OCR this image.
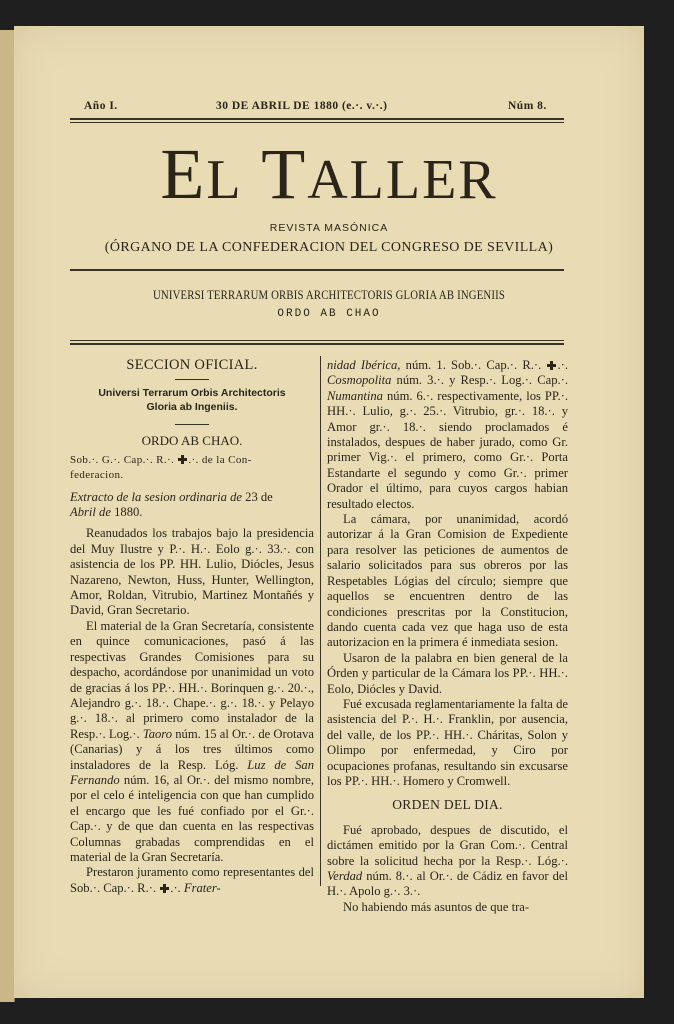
Año I.	30 DE ABRIL DE 1880 (e.·. v.·.)	Núm 8.
EL TALLER
REVISTA MASÓNICA
(ÓRGANO DE LA CONFEDERACION DEL CONGRESO DE SEVILLA)
UNIVERSI TERRARUM ORBIS ARCHITECTORIS GLORIA AB INGENIIS
ORDO AB CHAO
SECCION OFICIAL.
Universi Terrarum Orbis Architectoris
Gloria ab Ingeniis.
ORDO AB CHAO.

Sob.·. G.·. Cap.·. R.·. .·. de la Con-

federacion.

Extracto de la sesion ordinaria de 23 de
Abril de 1880.

Reanudados los trabajos bajo la presidencia del Muy Ilustre y P.·. H.·. Eolo g.·. 33.·. con asistencia de los PP. HH. Lulio, Diócles, Jesus Nazareno, Newton, Huss, Hunter, Wellington, Amor, Roldan, Vitrubio, Martinez Montañés y David, Gran Secretario.

El material de la Gran Secretaría, consistente en quince comunicaciones, pasó á las respectivas Grandes Comisiones para su despacho, acordándose por unanimidad un voto de gracias á los PP.·. HH.·. Borinquen g.·. 20.·., Alejandro g.·. 18.·. Chape.·. g.·. 18.·. y Pelayo g.·. 18.·. al primero como instalador de la Resp.·. Log.·. Taoro núm. 15 al Or.·. de Orotava (Canarias) y á los tres últimos como instaladores de la Resp. Lóg. Luz de San Fernando núm. 16, al Or.·. del mismo nombre, por el celo é inteligencia con que han cumplido el encargo que les fué confiado por el Gr.·. Cap.·. y de que dan cuenta en las respectivas Columnas grabadas comprendidas en el material de la Gran Secretaría.

Prestaron juramento como representantes del Sob.·. Cap.·. R.·. .·. Frater-

nidad Ibérica, núm. 1. Sob.·. Cap.·. R.·. .·. Cosmopolita núm. 3.·. y Resp.·. Log.·. Cap.·. Numantina núm. 6.·. respectivamente, los PP.·. HH.·. Lulio, g.·. 25.·. Vitrubio, gr.·. 18.·. y Amor gr.·. 18.·. siendo proclamados é instalados, despues de haber jurado, como Gr. primer Vig.·. el primero, como Gr.·. Porta Estandarte el segundo y como Gr.·. primer Orador el último, para cuyos cargos habian resultado electos.

La cámara, por unanimidad, acordó autorizar á la Gran Comision de Expediente para resolver las peticiones de aumentos de salario solicitados para sus obreros por las Respetables Lógias del círculo; siempre que aquellos se encuentren dentro de las condiciones prescritas por la Constitucion, dando cuenta cada vez que haga uso de esta autorizacion en la primera é inmediata sesion.

Usaron de la palabra en bien general de la Órden y particular de la Cámara los PP.·. HH.·. Eolo, Diócles y David.

Fué excusada reglamentariamente la falta de asistencia del P.·. H.·. Franklin, por ausencia, del valle, de los PP.·. HH.·. Cháritas, Solon y Olimpo por enfermedad, y Ciro por ocupaciones profanas, resultando sin excusarse los PP.·. HH.·. Homero y Cromwell.

ORDEN DEL DIA.

Fué aprobado, despues de discutido, el dictámen emitido por la Gran Com.·. Central sobre la solicitud hecha por la Resp.·. Lóg.·. Verdad núm. 8.·. al Or.·. de Cádiz en favor del H.·. Apolo g.·. 3.·.

No habiendo más asuntos de que tra-
